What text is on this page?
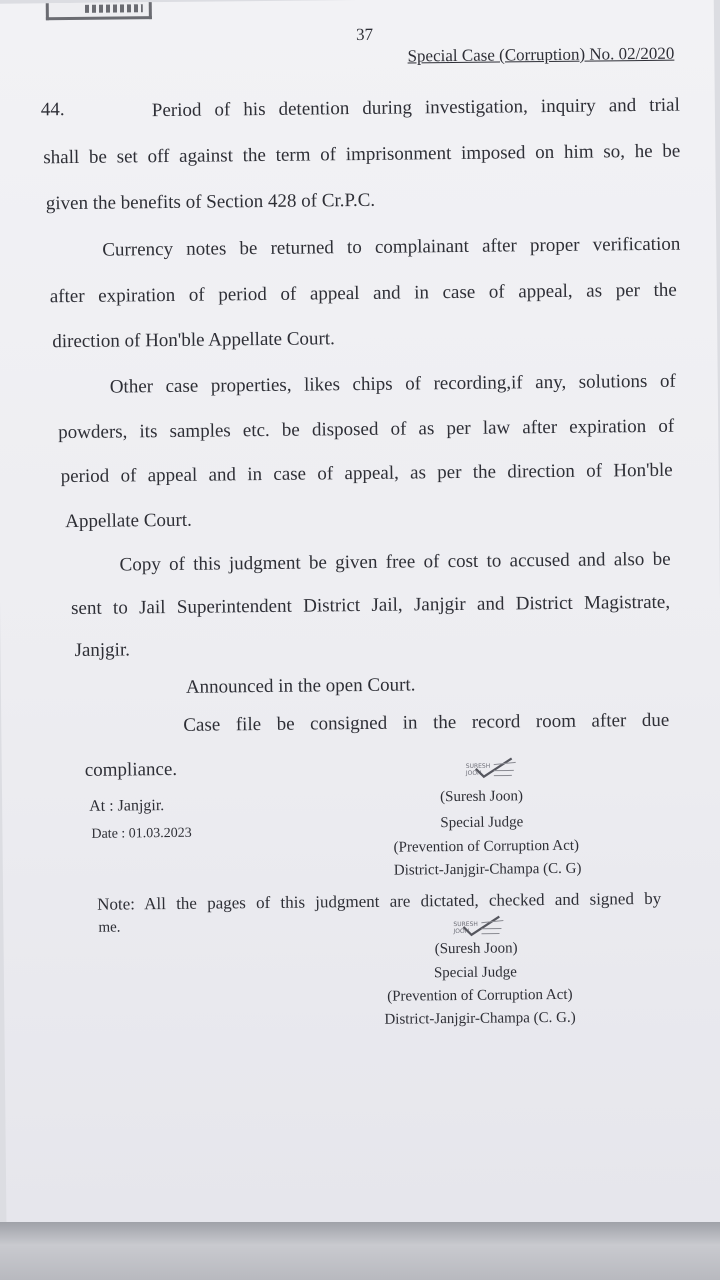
37
Special Case (Corruption) No. 02/2020
44.	Period of his detention during investigation, inquiry and trial
shall be set off against the term of imprisonment imposed on him so, he be
given the benefits of Section 428 of Cr.P.C.
Currency notes be returned to complainant after proper verification
after expiration of period of appeal and in case of appeal, as per the
direction of Hon'ble Appellate Court.
Other case properties, likes chips of recording,if any, solutions of
powders, its samples etc. be disposed of as per law after expiration of
period of appeal and in case of appeal, as per the direction of Hon'ble
Appellate Court.
Copy of this judgment be given free of cost to accused and also be
sent to Jail Superintendent District Jail, Janjgir and District Magistrate,
Janjgir.
Announced in the open Court.
Case file be consigned in the record room after due
compliance.	SURESH
JOON
At : Janjgir.
Date : 01.03.2023
(Suresh Joon)
Special Judge
(Prevention of Corruption Act)
District-Janjgir-Champa (C. G)
Note: All the pages of this judgment are dictated, checked and signed by
me.	SURESH
JOON
(Suresh Joon)
Special Judge
(Prevention of Corruption Act)
District-Janjgir-Champa (C. G.)
